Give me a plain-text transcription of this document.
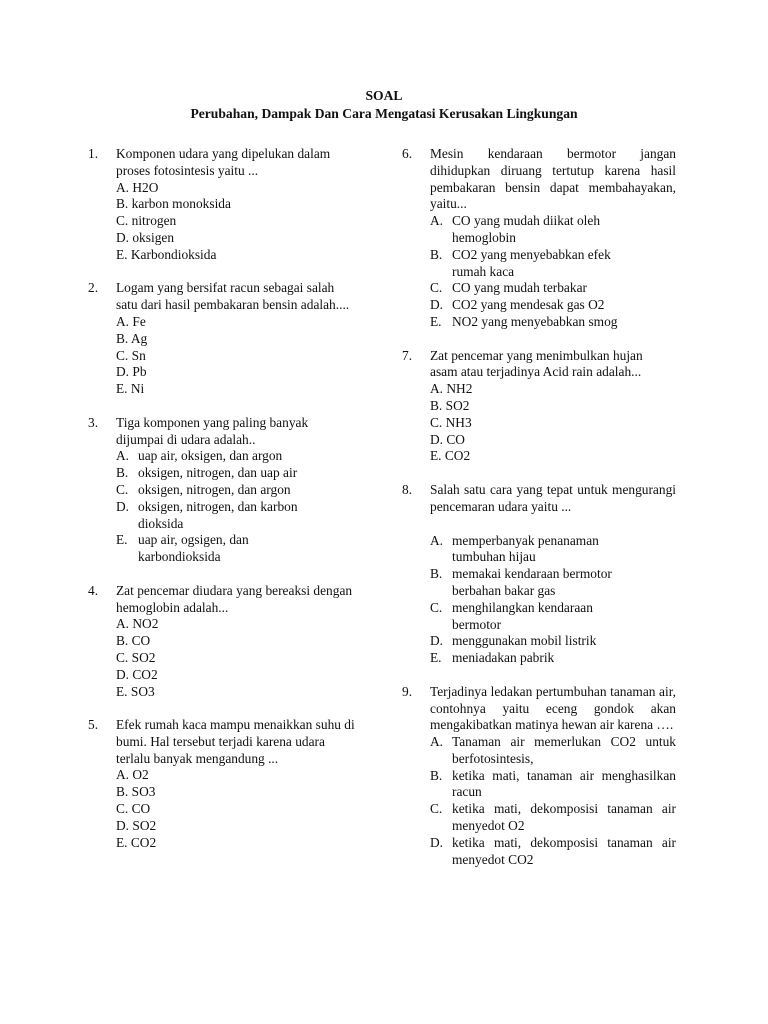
SOAL
Perubahan, Dampak Dan Cara Mengatasi Kerusakan Lingkungan
1. Komponen udara yang dipelukan dalam proses fotosintesis yaitu ...
A. H2O
B. karbon monoksida
C. nitrogen
D. oksigen
E. Karbondioksida
2. Logam yang bersifat racun sebagai salah satu dari hasil pembakaran bensin adalah....
A. Fe
B. Ag
C. Sn
D. Pb
E. Ni
3. Tiga komponen yang paling banyak dijumpai di udara adalah..
A. uap air, oksigen, dan argon
B. oksigen, nitrogen, dan uap air
C. oksigen, nitrogen, dan argon
D. oksigen, nitrogen, dan karbon dioksida
E. uap air, ogsigen, dan karbondioksida
4. Zat pencemar diudara yang bereaksi dengan hemoglobin adalah...
A. NO2
B. CO
C. SO2
D. CO2
E. SO3
5. Efek rumah kaca mampu menaikkan suhu di bumi. Hal tersebut terjadi karena udara terlalu banyak mengandung ...
A. O2
B. SO3
C. CO
D. SO2
E. CO2
6. Mesin kendaraan bermotor jangan dihidupkan diruang tertutup karena hasil pembakaran bensin dapat membahayakan, yaitu...
A. CO yang mudah diikat oleh hemoglobin
B. CO2 yang menyebabkan efek rumah kaca
C. CO yang mudah terbakar
D. CO2 yang mendesak gas O2
E. NO2 yang menyebabkan smog
7. Zat pencemar yang menimbulkan hujan asam atau terjadinya Acid rain adalah...
A. NH2
B. SO2
C. NH3
D. CO
E. CO2
8. Salah satu cara yang tepat untuk mengurangi pencemaran udara yaitu ...
A. memperbanyak penanaman tumbuhan hijau
B. memakai kendaraan bermotor berbahan bakar gas
C. menghilangkan kendaraan bermotor
D. menggunakan mobil listrik
E. meniadakan pabrik
9. Terjadinya ledakan pertumbuhan tanaman air, contohnya yaitu eceng gondok akan mengakibatkan matinya hewan air karena ….
A. Tanaman air memerlukan CO2 untuk berfotosintesis,
B. ketika mati, tanaman air menghasilkan racun
C. ketika mati, dekomposisi tanaman air menyedot O2
D. ketika mati, dekomposisi tanaman air menyedot CO2
